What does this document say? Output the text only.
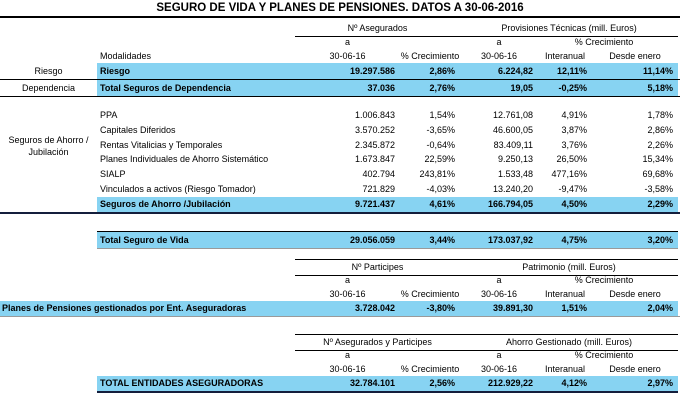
SEGURO DE VIDA Y PLANES DE PENSIONES. DATOS A 30-06-2016
Nº Asegurados	Provisiones Técnicas (mill. Euros)
a	a	% Crecimiento
Modalidades	30-06-16	% Crecimiento	30-06-16	Interanual	Desde enero
Riesgo	Riesgo	19.297.586	2,86%	6.224,82	12,11%	11,14%
Dependencia	Total Seguros de Dependencia	37.036	2,76%	19,05	-0,25%	5,18%
Seguros de Ahorro /
Jubilación
PPA	1.006.843	1,54%	12.761,08	4,91%	1,78%
Capitales Diferidos	3.570.252	-3,65%	46.600,05	3,87%	2,86%
Rentas Vitalicias y Temporales	2.345.872	-0,64%	83.409,11	3,76%	2,26%
Planes Individuales de Ahorro Sistemático	1.673.847	22,59%	9.250,13	26,50%	15,34%
SIALP	402.794	243,81%	1.533,48	477,16%	69,68%
Vinculados a activos (Riesgo Tomador)	721.829	-4,03%	13.240,20	-9,47%	-3,58%
Seguros de Ahorro /Jubilación	9.721.437	4,61%	166.794,05	4,50%	2,29%
Total Seguro de Vida	29.056.059	3,44%	173.037,92	4,75%	3,20%
Nº Participes	Patrimonio (mill. Euros)
a	a	% Crecimiento
30-06-16	% Crecimiento	30-06-16	Interanual	Desde enero
Planes de Pensiones gestionados por Ent. Aseguradoras	3.728.042	-3,80%	39.891,30	1,51%	2,04%
Nº Asegurados y Participes	Ahorro Gestionado (mill. Euros)
a	a	% Crecimiento
30-06-16	% Crecimiento	30-06-16	Interanual	Desde enero
TOTAL ENTIDADES ASEGURADORAS	32.784.101	2,56%	212.929,22	4,12%	2,97%
